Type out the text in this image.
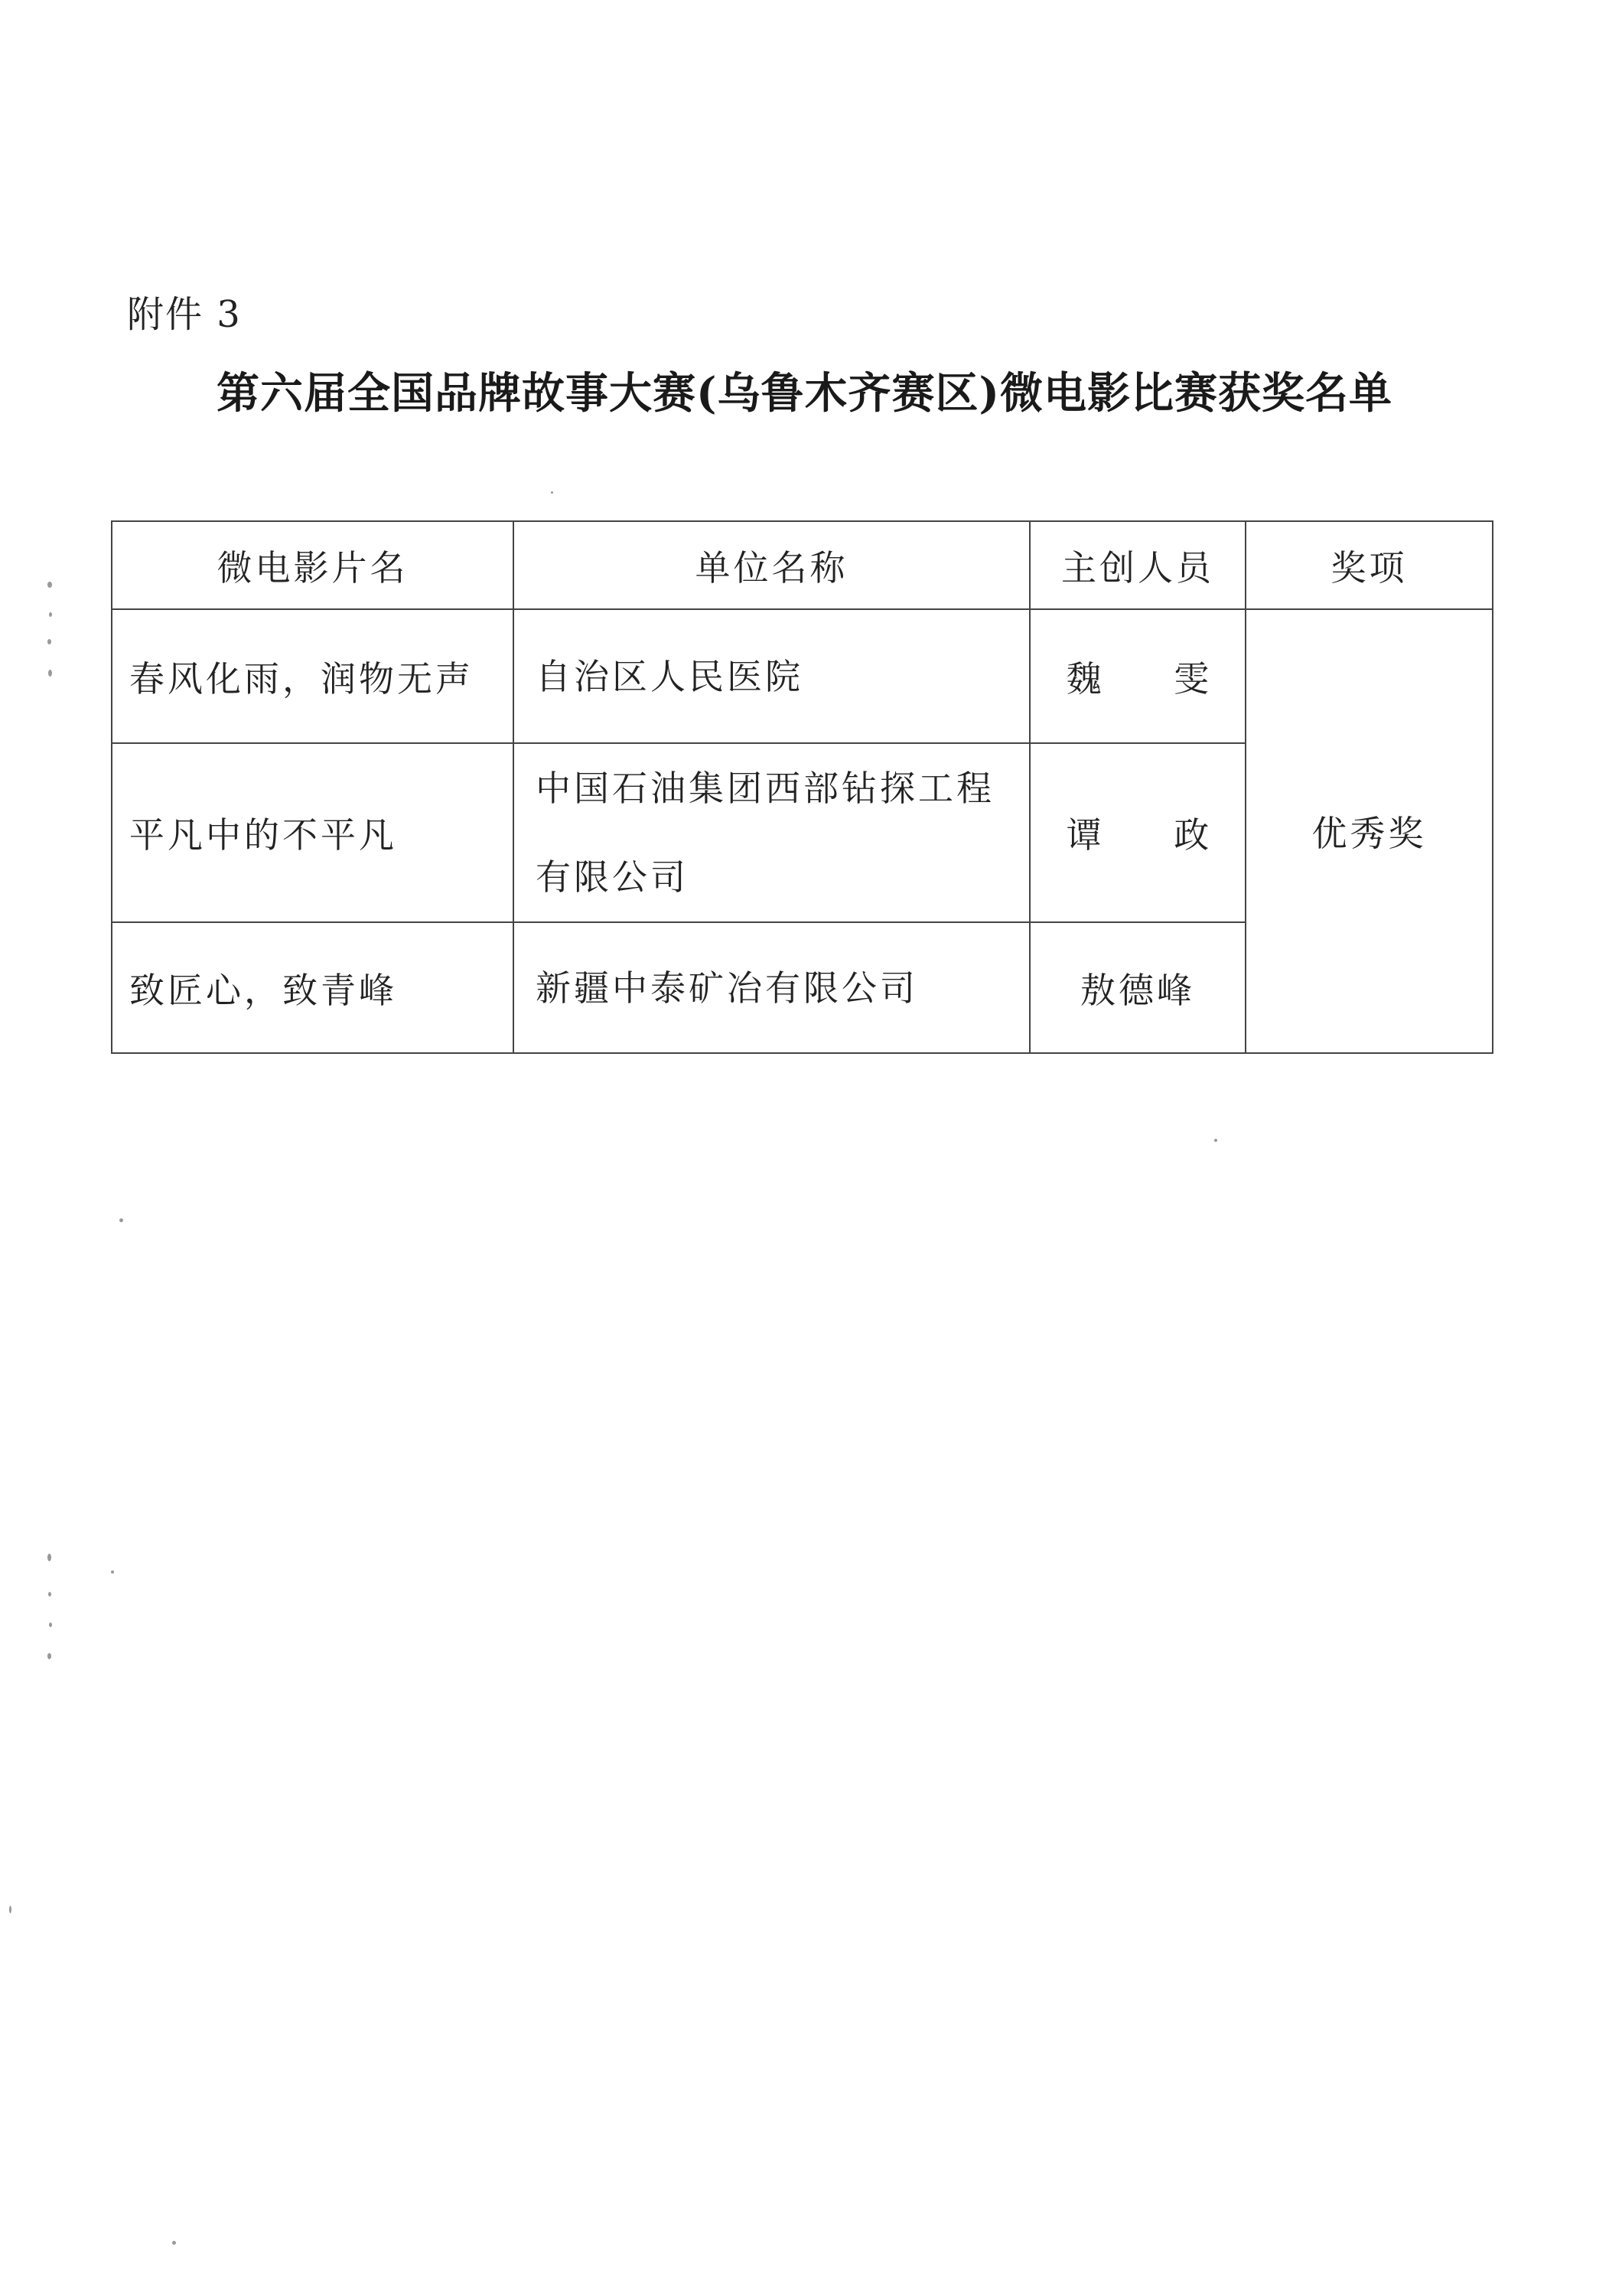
附件 3
第六届全国品牌故事大赛(乌鲁木齐赛区)微电影比赛获奖名单
微电影片名	单位名称	主创人员	奖项
春风化雨，润物无声	自治区人民医院	魏 雯	优秀奖
平凡中的不平凡	中国石油集团西部钻探工程有限公司	谭 政	
致匠心，致青峰	新疆中泰矿冶有限公司	敖德峰	
